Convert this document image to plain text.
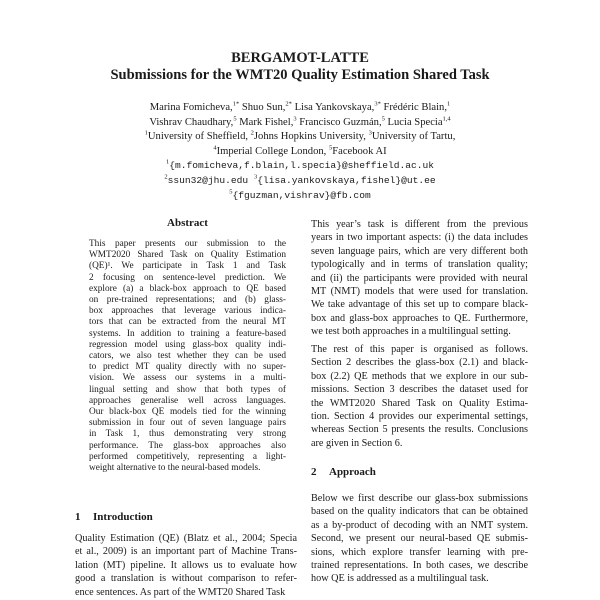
BERGAMOT-LATTE
Submissions for the WMT20 Quality Estimation Shared Task
Marina Fomicheva,$^{1*}$ Shuo Sun,$^{2*}$ Lisa Yankovskaya,$^{3*}$ Frédéric Blain,$^1$
Vishrav Chaudhary,$^5$ Mark Fishel,$^3$ Francisco Guzmán,$^5$ Lucia Specia$^{1,4}$
$^1$University of Sheffield, $^2$Johns Hopkins University, $^3$University of Tartu,
$^4$Imperial College London, $^5$Facebook AI
$^1${m.fomicheva,f.blain,l.specia}@sheffield.ac.uk
$^2$ssun32@jhu.edu $^3${lisa.yankovskaya,fishel}@ut.ee
$^5${fguzman,vishrav}@fb.com
Abstract
This paper presents our submission to the
WMT2020 Shared Task on Quality Estimation
(QE)¹. We participate in Task 1 and Task
2 focusing on sentence-level prediction. We
explore (a) a black-box approach to QE based
on pre-trained representations; and (b) glass-
box approaches that leverage various indica-
tors that can be extracted from the neural MT
systems. In addition to training a feature-based
regression model using glass-box quality indi-
cators, we also test whether they can be used
to predict MT quality directly with no super-
vision. We assess our systems in a multi-
lingual setting and show that both types of
approaches generalise well across languages.
Our black-box QE models tied for the winning
submission in four out of seven language pairs
in Task 1, thus demonstrating very strong
performance. The glass-box approaches also
performed competitively, representing a light-
weight alternative to the neural-based models.
1 Introduction
Quality Estimation (QE) (Blatz et al., 2004; Specia
et al., 2009) is an important part of Machine Trans-
lation (MT) pipeline. It allows us to evaluate how
good a translation is without comparison to refer-
ence sentences. As part of the WMT20 Shared Task
This year’s task is different from the previous
years in two important aspects: (i) the data includes
seven language pairs, which are very different both
typologically and in terms of translation quality;
and (ii) the participants were provided with neural
MT (NMT) models that were used for translation.
We take advantage of this set up to compare black-
box and glass-box approaches to QE. Furthermore,
we test both approaches in a multilingual setting.
The rest of this paper is organised as follows.
Section 2 describes the glass-box (2.1) and black-
box (2.2) QE methods that we explore in our sub-
missions. Section 3 describes the dataset used for
the WMT2020 Shared Task on Quality Estima-
tion. Section 4 provides our experimental settings,
whereas Section 5 presents the results. Conclusions
are given in Section 6.
2 Approach
Below we first describe our glass-box submissions
based on the quality indicators that can be obtained
as a by-product of decoding with an NMT system.
Second, we present our neural-based QE submis-
sions, which explore transfer learning with pre-
trained representations. In both cases, we describe
how QE is addressed as a multilingual task.
